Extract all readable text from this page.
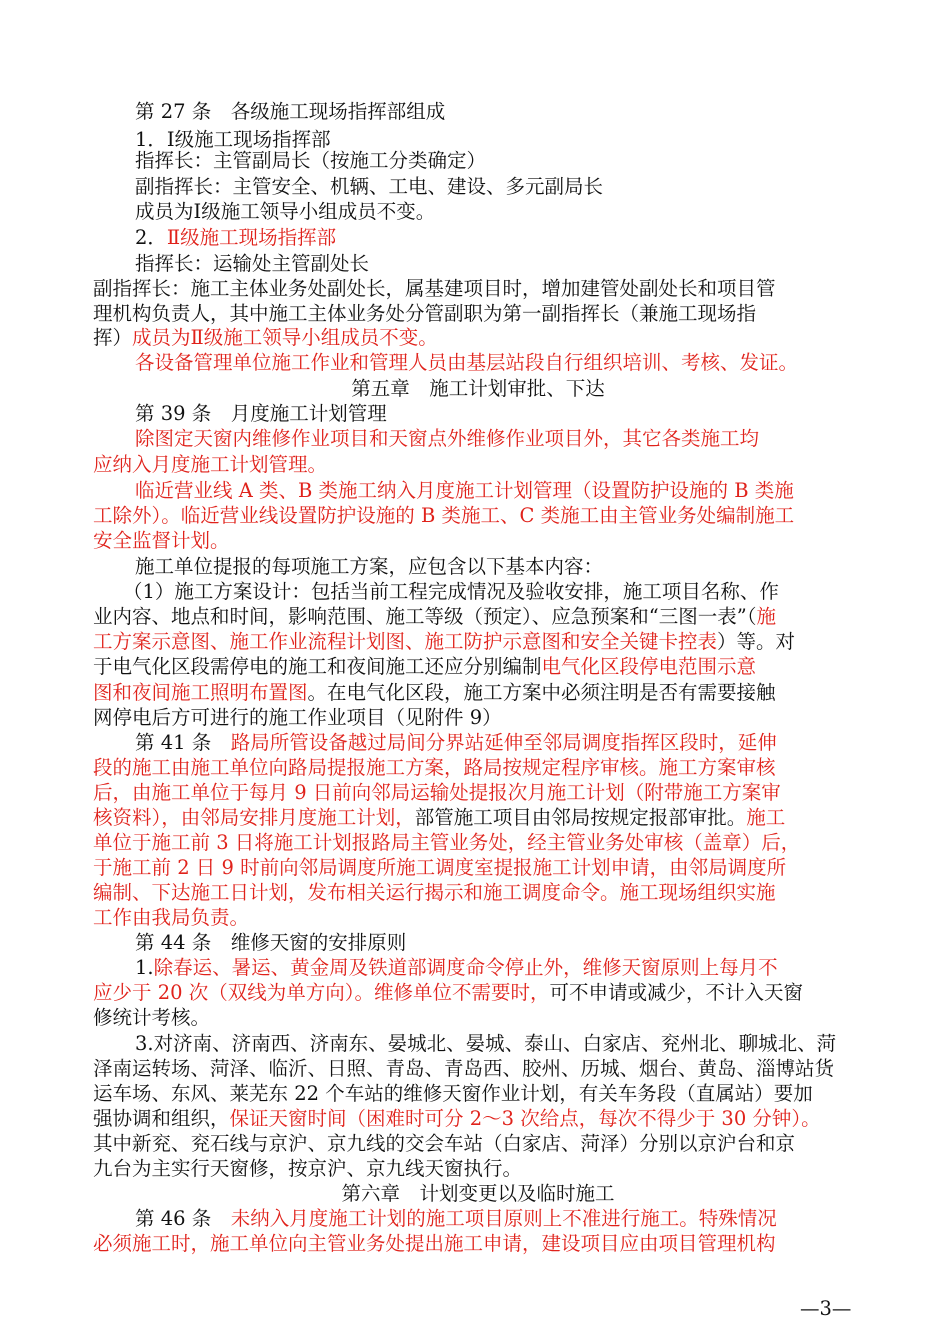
第 27 条　各级施工现场指挥部组成
1．Ⅰ级施工现场指挥部
指挥长：主管副局长（按施工分类确定）
副指挥长：主管安全、机辆、工电、建设、多元副局长
成员为Ⅰ级施工领导小组成员不变。
2．Ⅱ级施工现场指挥部
指挥长：运输处主管副处长
副指挥长：施工主体业务处副处长，属基建项目时，增加建管处副处长和项目管
理机构负责人，其中施工主体业务处分管副职为第一副指挥长（兼施工现场指
挥）成员为Ⅱ级施工领导小组成员不变。
各设备管理单位施工作业和管理人员由基层站段自行组织培训、考核、发证。
第五章　施工计划审批、下达
第 39 条　月度施工计划管理
除图定天窗内维修作业项目和天窗点外维修作业项目外，其它各类施工均
应纳入月度施工计划管理。
临近营业线 A 类、B 类施工纳入月度施工计划管理（设置防护设施的 B 类施
工除外）。临近营业线设置防护设施的 B 类施工、C 类施工由主管业务处编制施工
安全监督计划。
施工单位提报的每项施工方案，应包含以下基本内容：
（1）施工方案设计：包括当前工程完成情况及验收安排，施工项目名称、作
业内容、地点和时间，影响范围、施工等级（预定）、应急预案和“三图一表”（施
工方案示意图、施工作业流程计划图、施工防护示意图和安全关键卡控表）等。对
于电气化区段需停电的施工和夜间施工还应分别编制电气化区段停电范围示意
图和夜间施工照明布置图。在电气化区段，施工方案中必须注明是否有需要接触
网停电后方可进行的施工作业项目（见附件 9）
第 41 条　路局所管设备越过局间分界站延伸至邻局调度指挥区段时，延伸
段的施工由施工单位向路局提报施工方案，路局按规定程序审核。施工方案审核
后，由施工单位于每月 9 日前向邻局运输处提报次月施工计划（附带施工方案审
核资料），由邻局安排月度施工计划，部管施工项目由邻局按规定报部审批。施工
单位于施工前 3 日将施工计划报路局主管业务处，经主管业务处审核（盖章）后，
于施工前 2 日 9 时前向邻局调度所施工调度室提报施工计划申请，由邻局调度所
编制、下达施工日计划，发布相关运行揭示和施工调度命令。施工现场组织实施
工作由我局负责。
第 44 条　维修天窗的安排原则
1.除春运、暑运、黄金周及铁道部调度命令停止外，维修天窗原则上每月不
应少于 20 次（双线为单方向）。维修单位不需要时，可不申请或减少，不计入天窗
修统计考核。
3.对济南、济南西、济南东、晏城北、晏城、泰山、白家店、兖州北、聊城北、菏
泽南运转场、菏泽、临沂、日照、青岛、青岛西、胶州、历城、烟台、黄岛、淄博站货
运车场、东风、莱芜东 22 个车站的维修天窗作业计划，有关车务段（直属站）要加
强协调和组织，保证天窗时间（困难时可分 2～3 次给点，每次不得少于 30 分钟）。
其中新兖、兖石线与京沪、京九线的交会车站（白家店、菏泽）分别以京沪台和京
九台为主实行天窗修，按京沪、京九线天窗执行。
第六章　计划变更以及临时施工
第 46 条　未纳入月度施工计划的施工项目原则上不准进行施工。特殊情况
必须施工时，施工单位向主管业务处提出施工申请，建设项目应由项目管理机构
—3—
